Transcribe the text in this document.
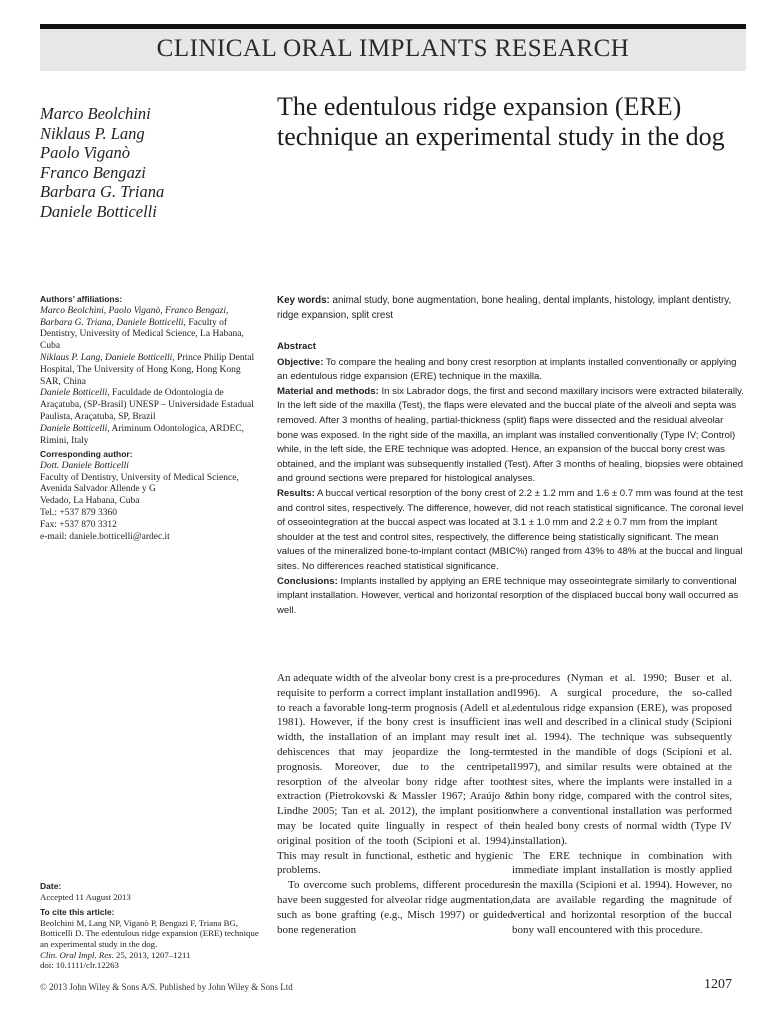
CLINICAL ORAL IMPLANTS RESEARCH
Marco Beolchini
Niklaus P. Lang
Paolo Viganò
Franco Bengazi
Barbara G. Triana
Daniele Botticelli
The edentulous ridge expansion (ERE) technique an experimental study in the dog
Authors’ affiliations:
Marco Beolchini, Paolo Viganò, Franco Bengazi, Barbara G. Triana, Daniele Botticelli, Faculty of Dentistry, University of Medical Science, La Habana, Cuba
Niklaus P. Lang, Daniele Botticelli, Prince Philip Dental Hospital, The University of Hong Kong, Hong Kong SAR, China
Daniele Botticelli, Faculdade de Odontologia de Araçatuba, (SP-Brasil) UNESP – Universidade Estadual Paulista, Araçatuba, SP, Brazil
Daniele Botticelli, Ariminum Odontologica, ARDEC, Rimini, Italy
Corresponding author:
Dott. Daniele Botticelli
Faculty of Dentistry, University of Medical Science,
Avenida Salvador Allende y G
Vedado, La Habana, Cuba
Tel.: +537 879 3360
Fax: +537 870 3312
e-mail: daniele.botticelli@ardec.it
Date:
Accepted 11 August 2013
To cite this article:
Beolchini M, Lang NP, Viganò P, Bengazi F, Triana BG, Botticelli D. The edentulous ridge expansion (ERE) technique an experimental study in the dog.
Clin. Oral Impl. Res. 25, 2013, 1207–1211
doi: 10.1111/clr.12263
Key words: animal study, bone augmentation, bone healing, dental implants, histology, implant dentistry, ridge expansion, split crest
Abstract
Objective: To compare the healing and bony crest resorption at implants installed conventionally or applying an edentulous ridge expansion (ERE) technique in the maxilla.
Material and methods: In six Labrador dogs, the first and second maxillary incisors were extracted bilaterally. In the left side of the maxilla (Test), the flaps were elevated and the buccal plate of the alveoli and septa was removed. After 3 months of healing, partial-thickness (split) flaps were dissected and the residual alveolar bone was exposed. In the right side of the maxilla, an implant was installed conventionally (Type IV; Control) while, in the left side, the ERE technique was adopted. Hence, an expansion of the buccal bony crest was obtained, and the implant was subsequently installed (Test). After 3 months of healing, biopsies were obtained and ground sections were prepared for histological analyses.
Results: A buccal vertical resorption of the bony crest of 2.2 ± 1.2 mm and 1.6 ± 0.7 mm was found at the test and control sites, respectively. The difference, however, did not reach statistical significance. The coronal level of osseointegration at the buccal aspect was located at 3.1 ± 1.0 mm and 2.2 ± 0.7 mm from the implant shoulder at the test and control sites, respectively, the difference being statistically significant. The mean values of the mineralized bone-to-implant contact (MBIC%) ranged from 43% to 48% at the buccal and lingual sites. No differences reached statistical significance.
Conclusions: Implants installed by applying an ERE technique may osseointegrate similarly to conventional implant installation. However, vertical and horizontal resorption of the displaced buccal bony wall occurred as well.

An adequate width of the alveolar bony crest is a pre-requisite to perform a correct implant installation and to reach a favorable long-term prognosis (Adell et al. 1981). However, if the bony crest is insufficient in width, the installation of an implant may result in dehiscences that may jeopardize the long-term prognosis. Moreover, due to the centripetal resorption of the alveolar bony ridge after tooth extraction (Pietrokovski & Massler 1967; Araújo & Lindhe 2005; Tan et al. 2012), the implant position may be located quite lingually in respect of the original position of the tooth (Scipioni et al. 1994). This may result in functional, esthetic and hygienic problems.

To overcome such problems, different procedures have been suggested for alveolar ridge augmentation, such as bone grafting (e.g., Misch 1997) or guided bone regeneration

procedures (Nyman et al. 1990; Buser et al. 1996). A surgical procedure, the so-called edentulous ridge expansion (ERE), was proposed as well and described in a clinical study (Scipioni et al. 1994). The technique was subsequently tested in the mandible of dogs (Scipioni et al. 1997), and similar results were obtained at the test sites, where the implants were installed in a thin bony ridge, compared with the control sites, where a conventional installation was performed in healed bony crests of normal width (Type IV installation).

The ERE technique in combination with immediate implant installation is mostly applied in the maxilla (Scipioni et al. 1994). However, no data are available regarding the magnitude of vertical and horizontal resorption of the buccal bony wall encountered with this procedure.

© 2013 John Wiley & Sons A/S. Published by John Wiley & Sons Ltd	1207
